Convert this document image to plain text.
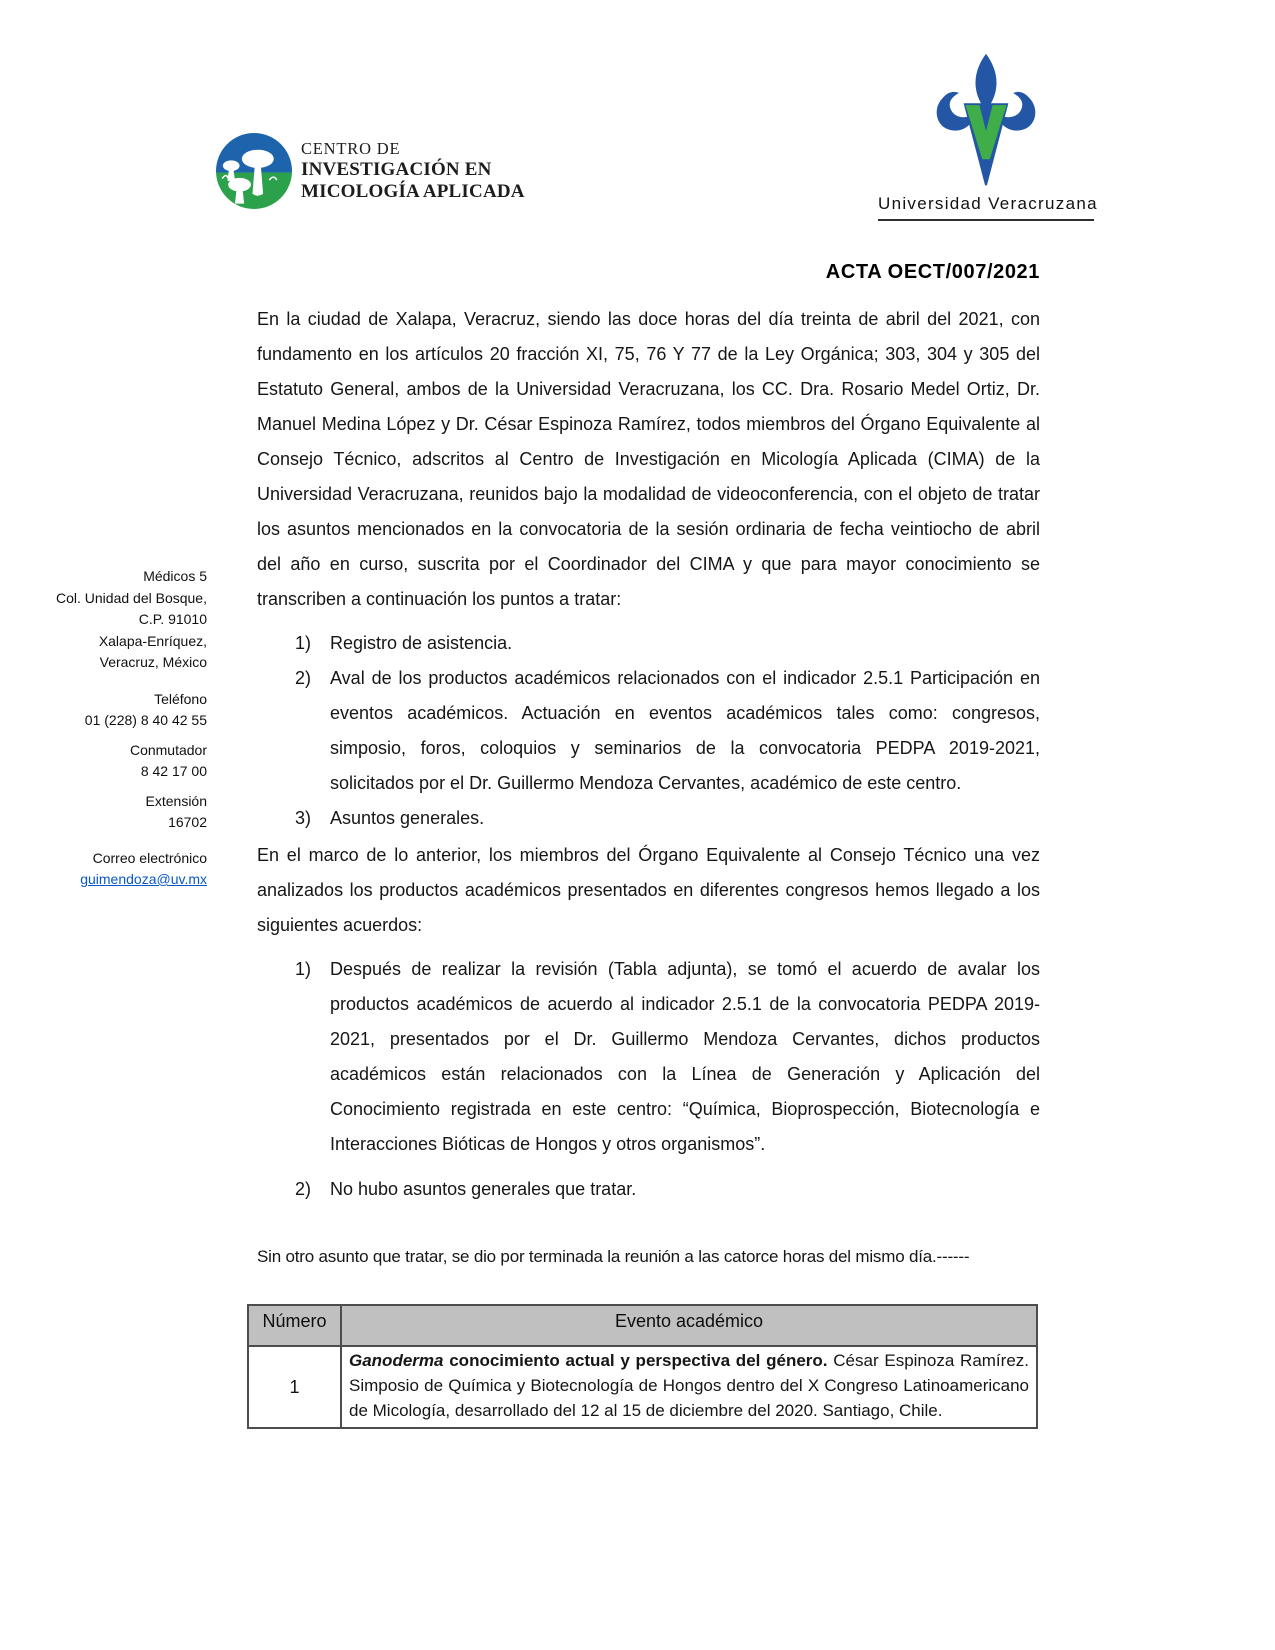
CENTRO DE
INVESTIGACIÓN EN
MICOLOGÍA APLICADA
Universidad Veracruzana
ACTA OECT/007/2021
Médicos 5
Col. Unidad del Bosque,
C.P. 91010
Xalapa-Enríquez,
Veracruz, México
Teléfono
01 (228) 8 40 42 55
Conmutador
8 42 17 00
Extensión
16702
Correo electrónico
guimendoza@uv.mx

En la ciudad de Xalapa, Veracruz, siendo las doce horas del día treinta de abril del 2021, con fundamento en los artículos 20 fracción XI, 75, 76 Y 77 de la Ley Orgánica; 303, 304 y 305 del Estatuto General, ambos de la Universidad Veracruzana, los CC. Dra. Rosario Medel Ortiz, Dr. Manuel Medina López y Dr. César Espinoza Ramírez, todos miembros del Órgano Equivalente al Consejo Técnico, adscritos al Centro de Investigación en Micología Aplicada (CIMA) de la Universidad Veracruzana, reunidos bajo la modalidad de videoconferencia, con el objeto de tratar los asuntos mencionados en la convocatoria de la sesión ordinaria de fecha veintiocho de abril del año en curso, suscrita por el Coordinador del CIMA y que para mayor conocimiento se transcriben a continuación los puntos a tratar:

1)	Registro de asistencia.
2)	Aval de los productos académicos relacionados con el indicador 2.5.1 Participación en eventos académicos. Actuación en eventos académicos tales como: congresos, simposio, foros, coloquios y seminarios de la convocatoria PEDPA 2019-2021, solicitados por el Dr. Guillermo Mendoza Cervantes, académico de este centro.
3)	Asuntos generales.

En el marco de lo anterior, los miembros del Órgano Equivalente al Consejo Técnico una vez analizados los productos académicos presentados en diferentes congresos hemos llegado a los siguientes acuerdos:

1)	Después de realizar la revisión (Tabla adjunta), se tomó el acuerdo de avalar los productos académicos de acuerdo al indicador 2.5.1 de la convocatoria PEDPA 2019-2021, presentados por el Dr. Guillermo Mendoza Cervantes, dichos productos académicos están relacionados con la Línea de Generación y Aplicación del Conocimiento registrada en este centro: “Química, Bioprospección, Biotecnología e Interacciones Bióticas de Hongos y otros organismos”.
2)	No hubo asuntos generales que tratar.

Sin otro asunto que tratar, se dio por terminada la reunión a las catorce horas del mismo día.------

Número	Evento académico
1	Ganoderma conocimiento actual y perspectiva del género. César Espinoza Ramírez. Simposio de Química y Biotecnología de Hongos dentro del X Congreso Latinoamericano de Micología, desarrollado del 12 al 15 de diciembre del 2020. Santiago, Chile.
